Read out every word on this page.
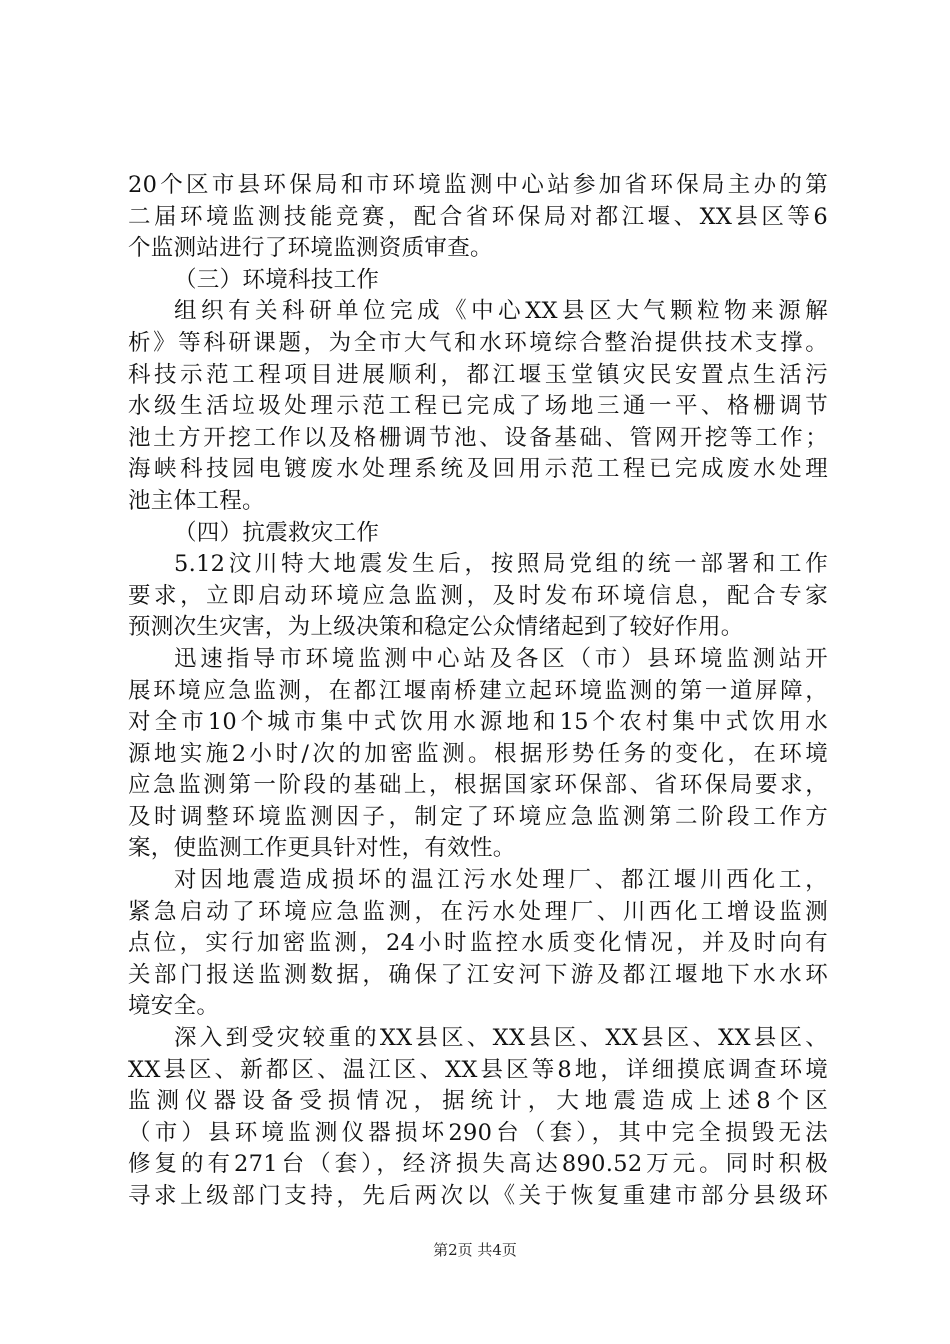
20个区市县环保局和市环境监测中心站参加省环保局主办的第
二届环境监测技能竞赛，配合省环保局对都江堰、XX县区等6
个监测站进行了环境监测资质审查。
（三）环境科技工作
组织有关科研单位完成《中心XX县区大气颗粒物来源解
析》等科研课题，为全市大气和水环境综合整治提供技术支撑。
科技示范工程项目进展顺利，都江堰玉堂镇灾民安置点生活污
水级生活垃圾处理示范工程已完成了场地三通一平、格栅调节
池土方开挖工作以及格栅调节池、设备基础、管网开挖等工作；
海峡科技园电镀废水处理系统及回用示范工程已完成废水处理
池主体工程。
（四）抗震救灾工作
5.12汶川特大地震发生后，按照局党组的统一部署和工作
要求，立即启动环境应急监测，及时发布环境信息，配合专家
预测次生灾害，为上级决策和稳定公众情绪起到了较好作用。
迅速指导市环境监测中心站及各区（市）县环境监测站开
展环境应急监测，在都江堰南桥建立起环境监测的第一道屏障，
对全市10个城市集中式饮用水源地和15个农村集中式饮用水
源地实施2小时/次的加密监测。根据形势任务的变化，在环境
应急监测第一阶段的基础上，根据国家环保部、省环保局要求，
及时调整环境监测因子，制定了环境应急监测第二阶段工作方
案，使监测工作更具针对性，有效性。
对因地震造成损坏的温江污水处理厂、都江堰川西化工，
紧急启动了环境应急监测，在污水处理厂、川西化工增设监测
点位，实行加密监测，24小时监控水质变化情况，并及时向有
关部门报送监测数据，确保了江安河下游及都江堰地下水水环
境安全。
深入到受灾较重的XX县区、XX县区、XX县区、XX县区、
XX县区、新都区、温江区、XX县区等8地，详细摸底调查环境
监测仪器设备受损情况，据统计，大地震造成上述8个区
（市）县环境监测仪器损坏290台（套），其中完全损毁无法
修复的有271台（套），经济损失高达890.52万元。同时积极
寻求上级部门支持，先后两次以《关于恢复重建市部分县级环
第2页 共4页
